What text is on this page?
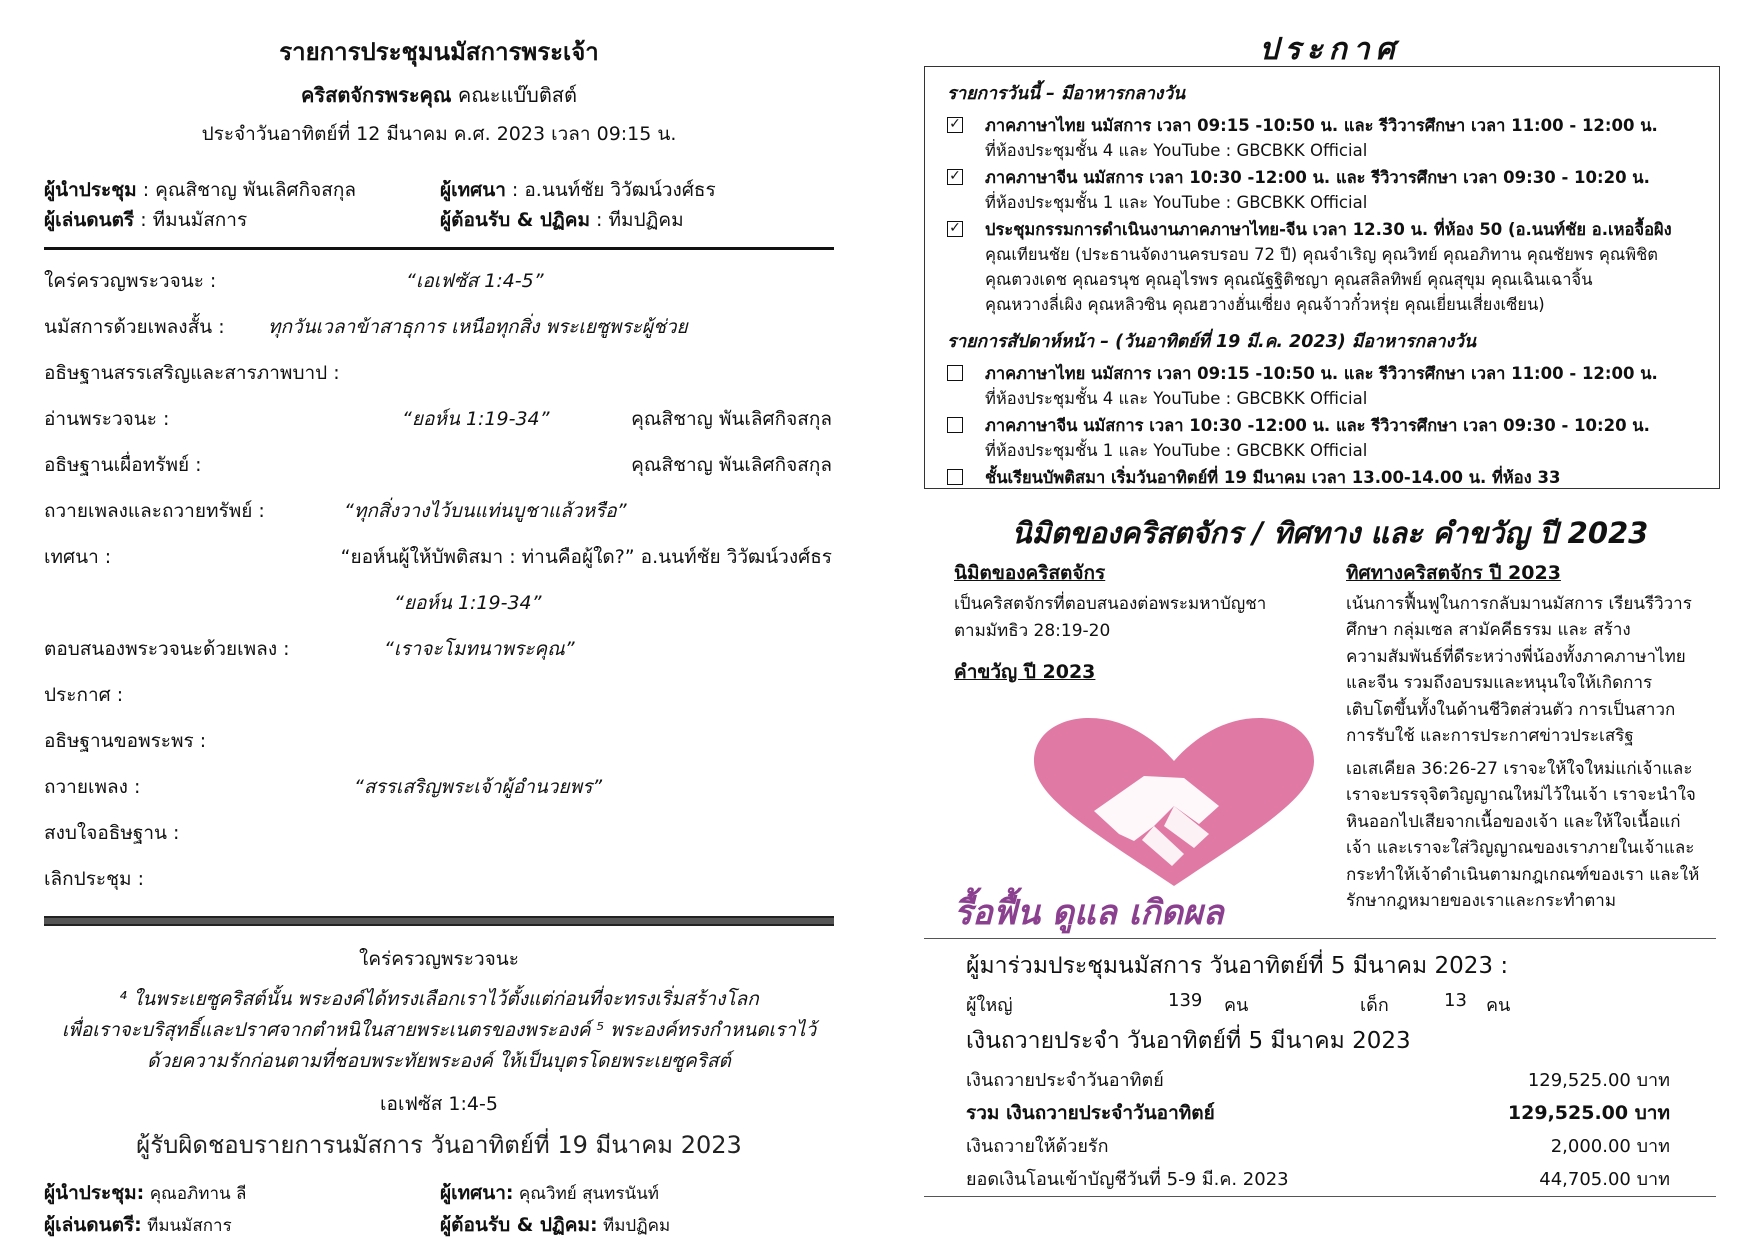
รายการประชุมนมัสการพระเจ้า
คริสตจักรพระคุณ คณะแบ๊บติสต์
ประจำวันอาทิตย์ที่ 12 มีนาคม ค.ศ. 2023 เวลา 09:15 น.
ผู้นำประชุม : คุณสิชาญ พันเลิศกิจสกุล	ผู้เทศนา : อ.นนท์ชัย วิวัฒน์วงศ์ธร
ผู้เล่นดนตรี : ทีมนมัสการ	ผู้ต้อนรับ & ปฏิคม : ทีมปฏิคม
ใคร่ครวญพระวจนะ :	“เอเฟซัส 1:4-5”
นมัสการด้วยเพลงสั้น : ทุกวันเวลาข้าสาธุการ เหนือทุกสิ่ง พระเยซูพระผู้ช่วย
อธิษฐานสรรเสริญและสารภาพบาป :
อ่านพระวจนะ :	“ยอห์น 1:19-34”	คุณสิชาญ พันเลิศกิจสกุล
อธิษฐานเผื่อทรัพย์ :	คุณสิชาญ พันเลิศกิจสกุล
ถวายเพลงและถวายทรัพย์ :	“ทุกสิ่งวางไว้บนแท่นบูชาแล้วหรือ”
เทศนา :	“ยอห์นผู้ให้บัพติสมา : ท่านคือผู้ใด?” อ.นนท์ชัย วิวัฒน์วงศ์ธร
“ยอห์น 1:19-34”
ตอบสนองพระวจนะด้วยเพลง :	“เราจะโมทนาพระคุณ”
ประกาศ :
อธิษฐานขอพระพร :
ถวายเพลง :	“สรรเสริญพระเจ้าผู้อำนวยพร”
สงบใจอธิษฐาน :
เลิกประชุม :
ใคร่ครวญพระวจนะ
⁴ ในพระเยซูคริสต์นั้น พระองค์ได้ทรงเลือกเราไว้ตั้งแต่ก่อนที่จะทรงเริ่มสร้างโลก
เพื่อเราจะบริสุทธิ์และปราศจากตำหนิในสายพระเนตรของพระองค์ ⁵ พระองค์ทรงกำหนดเราไว้
ด้วยความรักก่อนตามที่ชอบพระทัยพระองค์ ให้เป็นบุตรโดยพระเยซูคริสต์
เอเฟซัส 1:4-5
ผู้รับผิดชอบรายการนมัสการ วันอาทิตย์ที่ 19 มีนาคม 2023
ผู้นำประชุม: คุณอภิทาน ลี	ผู้เทศนา: คุณวิทย์ สุนทรนันท์
ผู้เล่นดนตรี: ทีมนมัสการ	ผู้ต้อนรับ & ปฏิคม: ทีมปฏิคม
ประกาศ
รายการวันนี้ – มีอาหารกลางวัน
✓ ภาคภาษาไทย นมัสการ เวลา 09:15 -10:50 น. และ รีวิวารศึกษา เวลา 11:00 - 12:00 น.
ที่ห้องประชุมชั้น 4 และ YouTube : GBCBKK Official
✓ ภาคภาษาจีน นมัสการ เวลา 10:30 -12:00 น. และ รีวิวารศึกษา เวลา 09:30 - 10:20 น.
ที่ห้องประชุมชั้น 1 และ YouTube : GBCBKK Official
✓ ประชุมกรรมการดำเนินงานภาคภาษาไทย-จีน เวลา 12.30 น. ที่ห้อง 50 (อ.นนท์ชัย อ.เหอจื้อผิง
คุณเทียนชัย (ประธานจัดงานครบรอบ 72 ปี) คุณจำเริญ คุณวิทย์ คุณอภิทาน คุณชัยพร คุณพิชิต
คุณตวงเดช คุณอรนุช คุณอุไรพร คุณณัฐฐิติชญา คุณสลิลทิพย์ คุณสุขุม คุณเฉินเฉาจิ้น
คุณหวางลี่เผิง คุณหลิวซิน คุณฮวางฮั่นเซี่ยง คุณจ้าวกั๋วหรุ่ย คุณเยี่ยนเสี่ยงเซียน)
รายการสัปดาห์หน้า – (วันอาทิตย์ที่ 19 มี.ค. 2023) มีอาหารกลางวัน
ภาคภาษาไทย นมัสการ เวลา 09:15 -10:50 น. และ รีวิวารศึกษา เวลา 11:00 - 12:00 น.
ที่ห้องประชุมชั้น 4 และ YouTube : GBCBKK Official
ภาคภาษาจีน นมัสการ เวลา 10:30 -12:00 น. และ รีวิวารศึกษา เวลา 09:30 - 10:20 น.
ที่ห้องประชุมชั้น 1 และ YouTube : GBCBKK Official
ชั้นเรียนบัพติสมา เริ่มวันอาทิตย์ที่ 19 มีนาคม เวลา 13.00-14.00 น. ที่ห้อง 33
นิมิตของคริสตจักร / ทิศทาง และ คำขวัญ ปี 2023
นิมิตของคริสตจักร
เป็นคริสตจักรที่ตอบสนองต่อพระมหาบัญชา
ตามมัทธิว 28:19-20
คำขวัญ ปี 2023
รื้อฟื้น ดูแล เกิดผล
ทิศทางคริสตจักร ปี 2023
เน้นการฟื้นฟูในการกลับมานมัสการ เรียนรีวิวาร
ศึกษา กลุ่มเซล สามัคคีธรรม และ สร้าง
ความสัมพันธ์ที่ดีระหว่างพี่น้องทั้งภาคภาษาไทย
และจีน รวมถึงอบรมและหนุนใจให้เกิดการ
เติบโตขึ้นทั้งในด้านชีวิตส่วนตัว การเป็นสาวก
การรับใช้ และการประกาศข่าวประเสริฐ
เอเสเคียล 36:26-27 เราจะให้ใจใหม่แก่เจ้าและ
เราจะบรรจุจิตวิญญาณใหม่ไว้ในเจ้า เราจะนำใจ
หินออกไปเสียจากเนื้อของเจ้า และให้ใจเนื้อแก่
เจ้า และเราจะใส่วิญญาณของเราภายในเจ้าและ
กระทำให้เจ้าดำเนินตามกฎเกณฑ์ของเรา และให้
รักษากฎหมายของเราและกระทำตาม
ผู้มาร่วมประชุมนมัสการ วันอาทิตย์ที่ 5 มีนาคม 2023 :
ผู้ใหญ่	139 คน	เด็ก	13 คน
เงินถวายประจำ วันอาทิตย์ที่ 5 มีนาคม 2023
เงินถวายประจำวันอาทิตย์	129,525.00 บาท
รวม เงินถวายประจำวันอาทิตย์	129,525.00 บาท
เงินถวายให้ด้วยรัก	2,000.00 บาท
ยอดเงินโอนเข้าบัญชีวันที่ 5-9 มี.ค. 2023	44,705.00 บาท
